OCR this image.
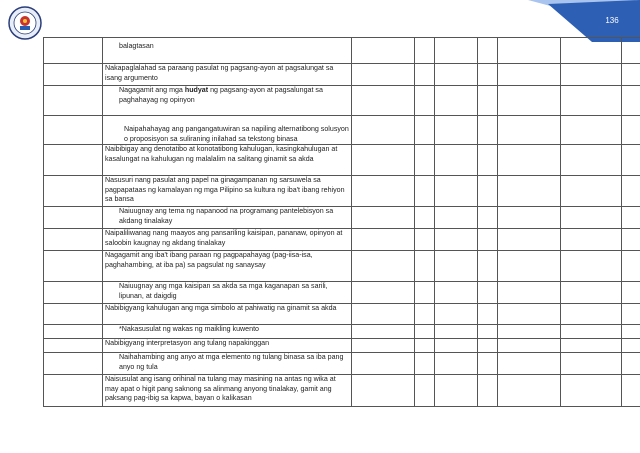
136

	balagtasan							

	Nakapaglalahad sa paraang pasulat ng pagsang-ayon at pagsalungat sa isang argumento							

	Nagagamit ang mga hudyat ng pagsang-ayon at pagsalungat sa paghahayag ng opinyon							

	Naipahahayag ang pangangatuwiran sa napiling alternatibong solusyon o proposisyon sa suliraning inilahad sa tekstong binasa							

	Naibibigay ang denotatibo at konotatibong kahulugan, kasingkahulugan at kasalungat na kahulugan ng malalalim na salitang ginamit sa akda							

	Nasusuri nang pasulat ang papel na ginagampanan ng sarsuwela sa pagpapataas ng kamalayan ng mga Pilipino sa kultura ng iba't ibang rehiyon sa bansa							

	Naiuugnay ang tema ng napanood na programang pantelebisyon sa akdang tinalakay							

	Naipaliliwanag nang maayos ang pansariling kaisipan, pananaw, opinyon at saloobin kaugnay ng akdang tinalakay							

	Nagagamit ang iba't ibang paraan ng pagpapahayag (pag-iisa-isa, paghahambing, at iba pa) sa pagsulat ng sanaysay							

	Naiuugnay ang mga kaisipan sa akda sa mga kaganapan sa sarili, lipunan, at daigdig							

	Nabibigyang kahulugan ang mga simbolo at pahiwatig na ginamit sa akda							

	*Nakasusulat ng wakas ng maikling kuwento							

	Nabibigyang interpretasyon ang tulang napakinggan							

	Naihahambing ang anyo at mga elemento ng tulang binasa sa iba pang anyo ng tula							

	Naisusulat ang isang orihinal na tulang may masining na antas ng wika at may apat o higit pang saknong sa alinmang anyong tinalakay, gamit ang paksang pag-ibig sa kapwa, bayan o kalikasan							
